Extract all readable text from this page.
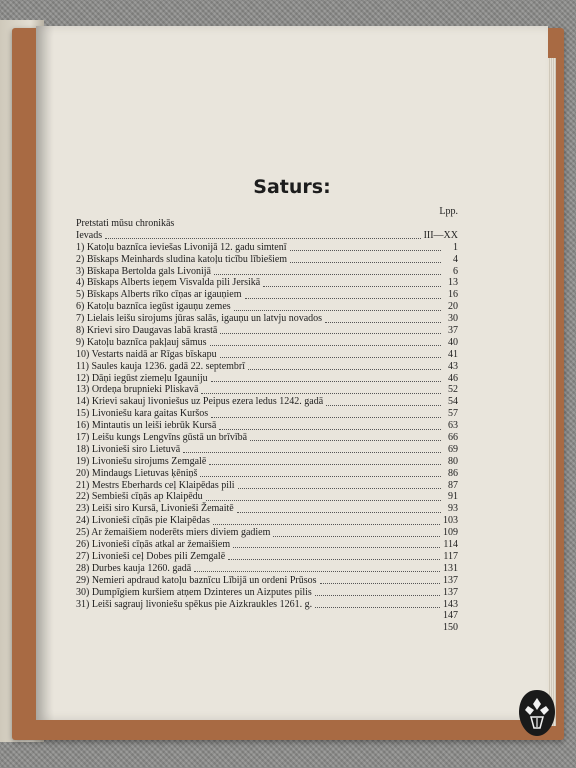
Saturs:
Lpp.
Pretstati mūsu chronikās
Ievads	III—XX
1) Katoļu baznīca ieviešas Livonijā 12. gadu simtenī	1
2) Bīskaps Meinhards sludina katoļu ticību lībiešiem	4
3) Bīskapa Bertolda gals Livonijā	6
4) Bīskaps Alberts ieņem Visvalda pili Jersikā	13
5) Bīskaps Alberts rīko cīņas ar igauņiem	16
6) Katoļu baznīca iegūst igauņu zemes	20
7) Lielais leišu sirojums jūras salās, igauņu un latvju novados	30
8) Krievi siro Daugavas labā krastā	37
9) Katoļu baznīca pakļauj sāmus	40
10) Vestarts naidā ar Rīgas bīskapu	41
11) Saules kauja 1236. gadā 22. septembrī	43
12) Dāņi iegūst ziemeļu Igauniju	46
13) Ordeņa brupnieki Pliskavā	52
14) Krievi sakauj livoniešus uz Peipus ezera ledus 1242. gadā	54
15) Livoniešu kara gaitas Kuršos	57
16) Mintautis un leiši iebrūk Kursā	63
17) Leišu kungs Lengvīns gūstā un brīvībā	66
18) Livonieši siro Lietuvā	69
19) Livoniešu sirojums Zemgalē	80
20) Mindaugs Lietuvas ķēniņš	86
21) Mestrs Eberhards ceļ Klaipēdas pili	87
22) Sembieši cīņās ap Klaipēdu	91
23) Leiši siro Kursā, Livonieši Žemaitē	93
24) Livonieši cīņās pie Klaipēdas	103
25) Ar žemaišiem noderēts miers diviem gadiem	109
26) Livonieši cīņās atkal ar žemaišiem	114
27) Livonieši ceļ Dobes pili Zemgalē	117
28) Durbes kauja 1260. gadā	131
29) Nemieri apdraud katoļu baznīcu Lībijā un ordeni Prūsos	137
30) Dumpīgiem kuršiem atņem Dzinteres un Aizputes pilis	137
31) Leiši sagrauj livoniešu spēkus pie Aizkraukles 1261. g.	143
147
150
